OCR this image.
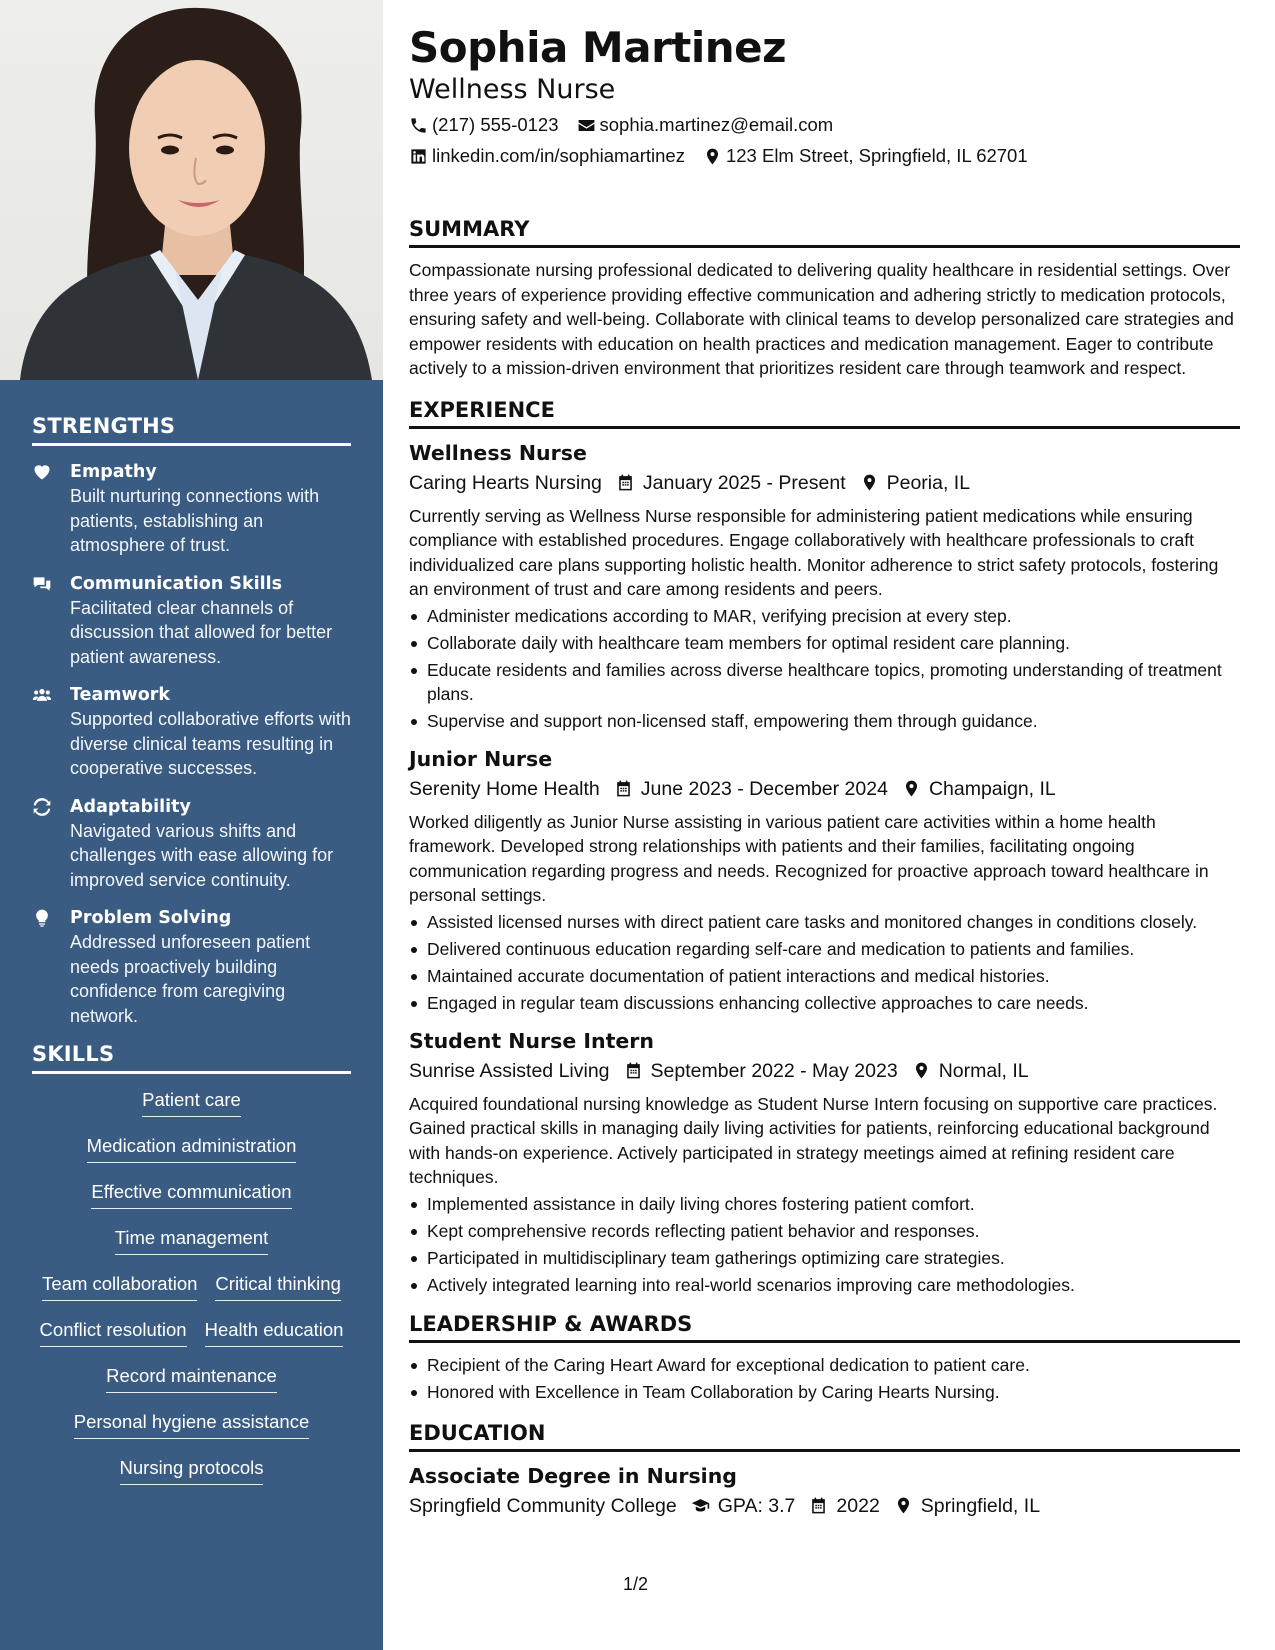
STRENGTHS
Empathy
Built nurturing connections with patients, establishing an atmosphere of trust.
Communication Skills
Facilitated clear channels of discussion that allowed for better patient awareness.
Teamwork
Supported collaborative efforts with diverse clinical teams resulting in cooperative successes.
Adaptability
Navigated various shifts and challenges with ease allowing for improved service continuity.
Problem Solving
Addressed unforeseen patient needs proactively building confidence from caregiving network.
SKILLS
Patient care
Medication administration
Effective communication
Time management
Team collaboration Critical thinking
Conflict resolution Health education
Record maintenance
Personal hygiene assistance
Nursing protocols
Sophia Martinez
Wellness Nurse
(217) 555-0123 sophia.martinez@email.com
linkedin.com/in/sophiamartinez 123 Elm Street, Springfield, IL 62701
SUMMARY
Compassionate nursing professional dedicated to delivering quality healthcare in residential settings. Over three years of experience providing effective communication and adhering strictly to medication protocols, ensuring safety and well-being. Collaborate with clinical teams to develop personalized care strategies and empower residents with education on health practices and medication management. Eager to contribute actively to a mission-driven environment that prioritizes resident care through teamwork and respect.
EXPERIENCE
Wellness Nurse
Caring Hearts Nursing January 2025 - Present Peoria, IL
Currently serving as Wellness Nurse responsible for administering patient medications while ensuring compliance with established procedures. Engage collaboratively with healthcare professionals to craft individualized care plans supporting holistic health. Monitor adherence to strict safety protocols, fostering an environment of trust and care among residents and peers.
Administer medications according to MAR, verifying precision at every step.
Collaborate daily with healthcare team members for optimal resident care planning.
Educate residents and families across diverse healthcare topics, promoting understanding of treatment plans.
Supervise and support non-licensed staff, empowering them through guidance.
Junior Nurse
Serenity Home Health June 2023 - December 2024 Champaign, IL
Worked diligently as Junior Nurse assisting in various patient care activities within a home health framework. Developed strong relationships with patients and their families, facilitating ongoing communication regarding progress and needs. Recognized for proactive approach toward healthcare in personal settings.
Assisted licensed nurses with direct patient care tasks and monitored changes in conditions closely.
Delivered continuous education regarding self-care and medication to patients and families.
Maintained accurate documentation of patient interactions and medical histories.
Engaged in regular team discussions enhancing collective approaches to care needs.
Student Nurse Intern
Sunrise Assisted Living September 2022 - May 2023 Normal, IL
Acquired foundational nursing knowledge as Student Nurse Intern focusing on supportive care practices. Gained practical skills in managing daily living activities for patients, reinforcing educational background with hands-on experience. Actively participated in strategy meetings aimed at refining resident care techniques.
Implemented assistance in daily living chores fostering patient comfort.
Kept comprehensive records reflecting patient behavior and responses.
Participated in multidisciplinary team gatherings optimizing care strategies.
Actively integrated learning into real-world scenarios improving care methodologies.
LEADERSHIP & AWARDS
Recipient of the Caring Heart Award for exceptional dedication to patient care.
Honored with Excellence in Team Collaboration by Caring Hearts Nursing.
EDUCATION
Associate Degree in Nursing
Springfield Community College GPA: 3.7 2022 Springfield, IL
1/2
